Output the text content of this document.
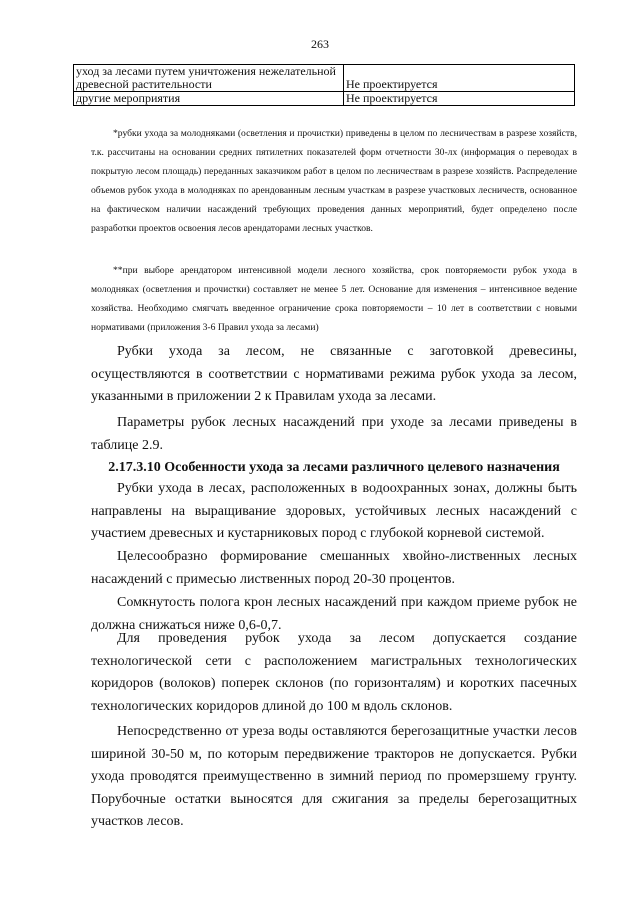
263
уход за лесами путем уничтожения нежелательной древесной растительности	Не проектируется
другие мероприятия	Не проектируется

*рубки ухода за молодняками (осветления и прочистки) приведены в целом по лесничествам в разрезе хозяйств, т.к. рассчитаны на основании средних пятилетних показателей форм отчетности 30-лх (информация о переводах в покрытую лесом площадь) переданных заказчиком работ в целом по лесничествам в разрезе хозяйств. Распределение объемов рубок ухода в молодняках по арендованным лесным участкам в разрезе участковых лесничеств, основанное на фактическом наличии насаждений требующих проведения данных мероприятий, будет определено после разработки проектов освоения лесов арендаторами лесных участков.

**при выборе арендатором интенсивной модели лесного хозяйства, срок повторяемости рубок ухода в молодняках (осветления и прочистки) составляет не менее 5 лет. Основание для изменения – интенсивное ведение хозяйства. Необходимо смягчать введенное ограничение срока повторяемости – 10 лет в соответствии с новыми нормативами (приложения 3-6 Правил ухода за лесами)

Рубки ухода за лесом, не связанные с заготовкой древесины, осуществляются в соответствии с нормативами режима рубок ухода за лесом, указанными в приложении 2 к Правилам ухода за лесами.

Параметры рубок лесных насаждений при уходе за лесами приведены в таблице 2.9.

2.17.3.10 Особенности ухода за лесами различного целевого назначения

Рубки ухода в лесах, расположенных в водоохранных зонах, должны быть направлены на выращивание здоровых, устойчивых лесных насаждений с участием древесных и кустарниковых пород с глубокой корневой системой.

Целесообразно формирование смешанных хвойно-лиственных лесных насаждений с примесью лиственных пород 20-30 процентов.

Сомкнутость полога крон лесных насаждений при каждом приеме рубок не должна снижаться ниже 0,6-0,7.

Для проведения рубок ухода за лесом допускается создание технологической сети с расположением магистральных технологических коридоров (волоков) поперек склонов (по горизонталям) и коротких пасечных технологических коридоров длиной до 100 м вдоль склонов.

Непосредственно от уреза воды оставляются берегозащитные участки лесов шириной 30-50 м, по которым передвижение тракторов не допускается. Рубки ухода проводятся преимущественно в зимний период по промерзшему грунту. Порубочные остатки выносятся для сжигания за пределы берегозащитных участков лесов.
